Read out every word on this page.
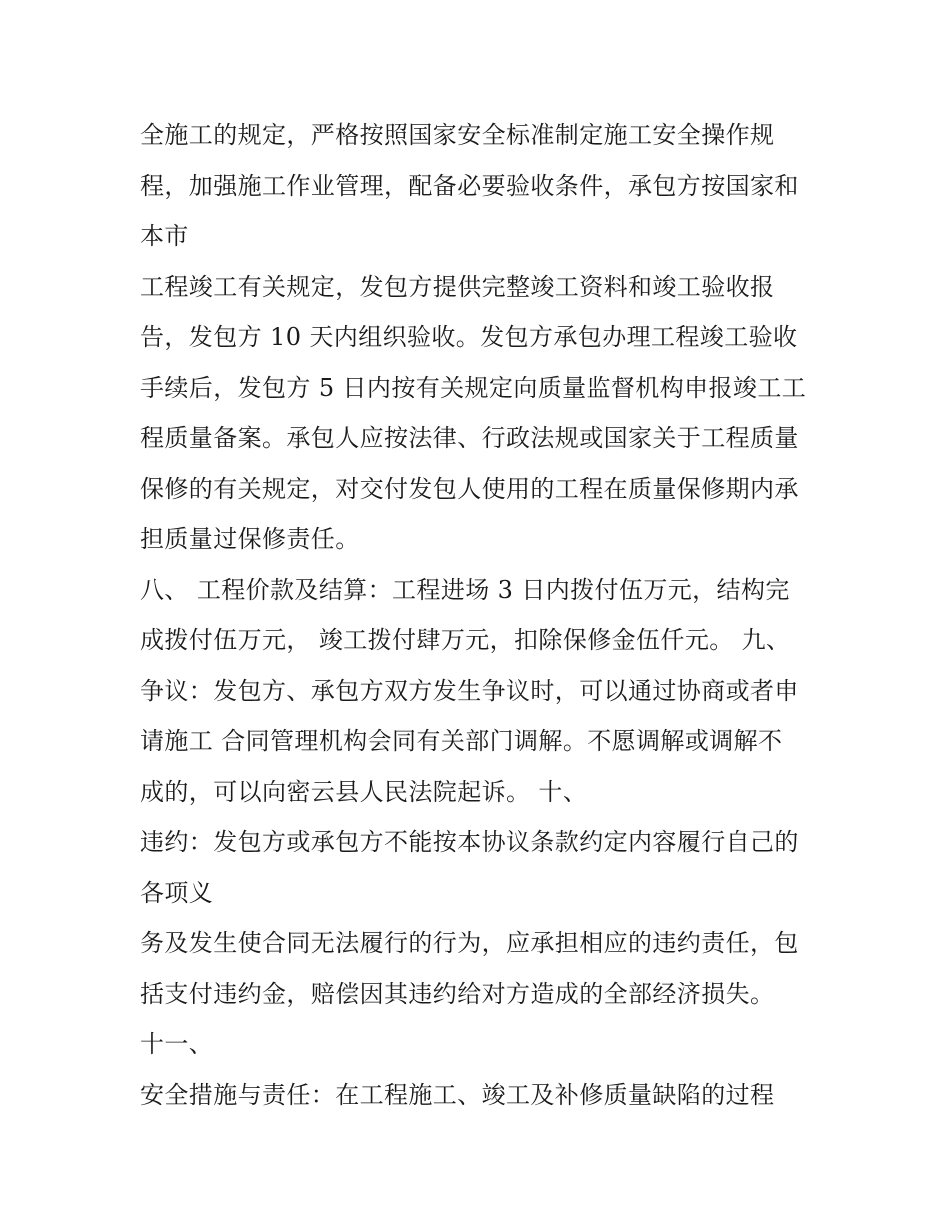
全施工的规定，严格按照国家安全标准制定施工安全操作规
程，加强施工作业管理，配备必要验收条件，承包方按国家和
本市
工程竣工有关规定，发包方提供完整竣工资料和竣工验收报
告，发包方 10 天内组织验收。发包方承包办理工程竣工验收
手续后，发包方 5 日内按有关规定向质量监督机构申报竣工工
程质量备案。承包人应按法律、行政法规或国家关于工程质量
保修的有关规定，对交付发包人使用的工程在质量保修期内承
担质量过保修责任。
八、 工程价款及结算：工程进场 3 日内拨付伍万元，结构完
成拨付伍万元， 竣工拨付肆万元，扣除保修金伍仟元。 九、
争议：发包方、承包方双方发生争议时，可以通过协商或者申
请施工 合同管理机构会同有关部门调解。不愿调解或调解不
成的，可以向密云县人民法院起诉。 十、
违约：发包方或承包方不能按本协议条款约定内容履行自己的
各项义
务及发生使合同无法履行的行为，应承担相应的违约责任，包
括支付违约金，赔偿因其违约给对方造成的全部经济损失。
十一、
安全措施与责任：在工程施工、竣工及补修质量缺陷的过程
